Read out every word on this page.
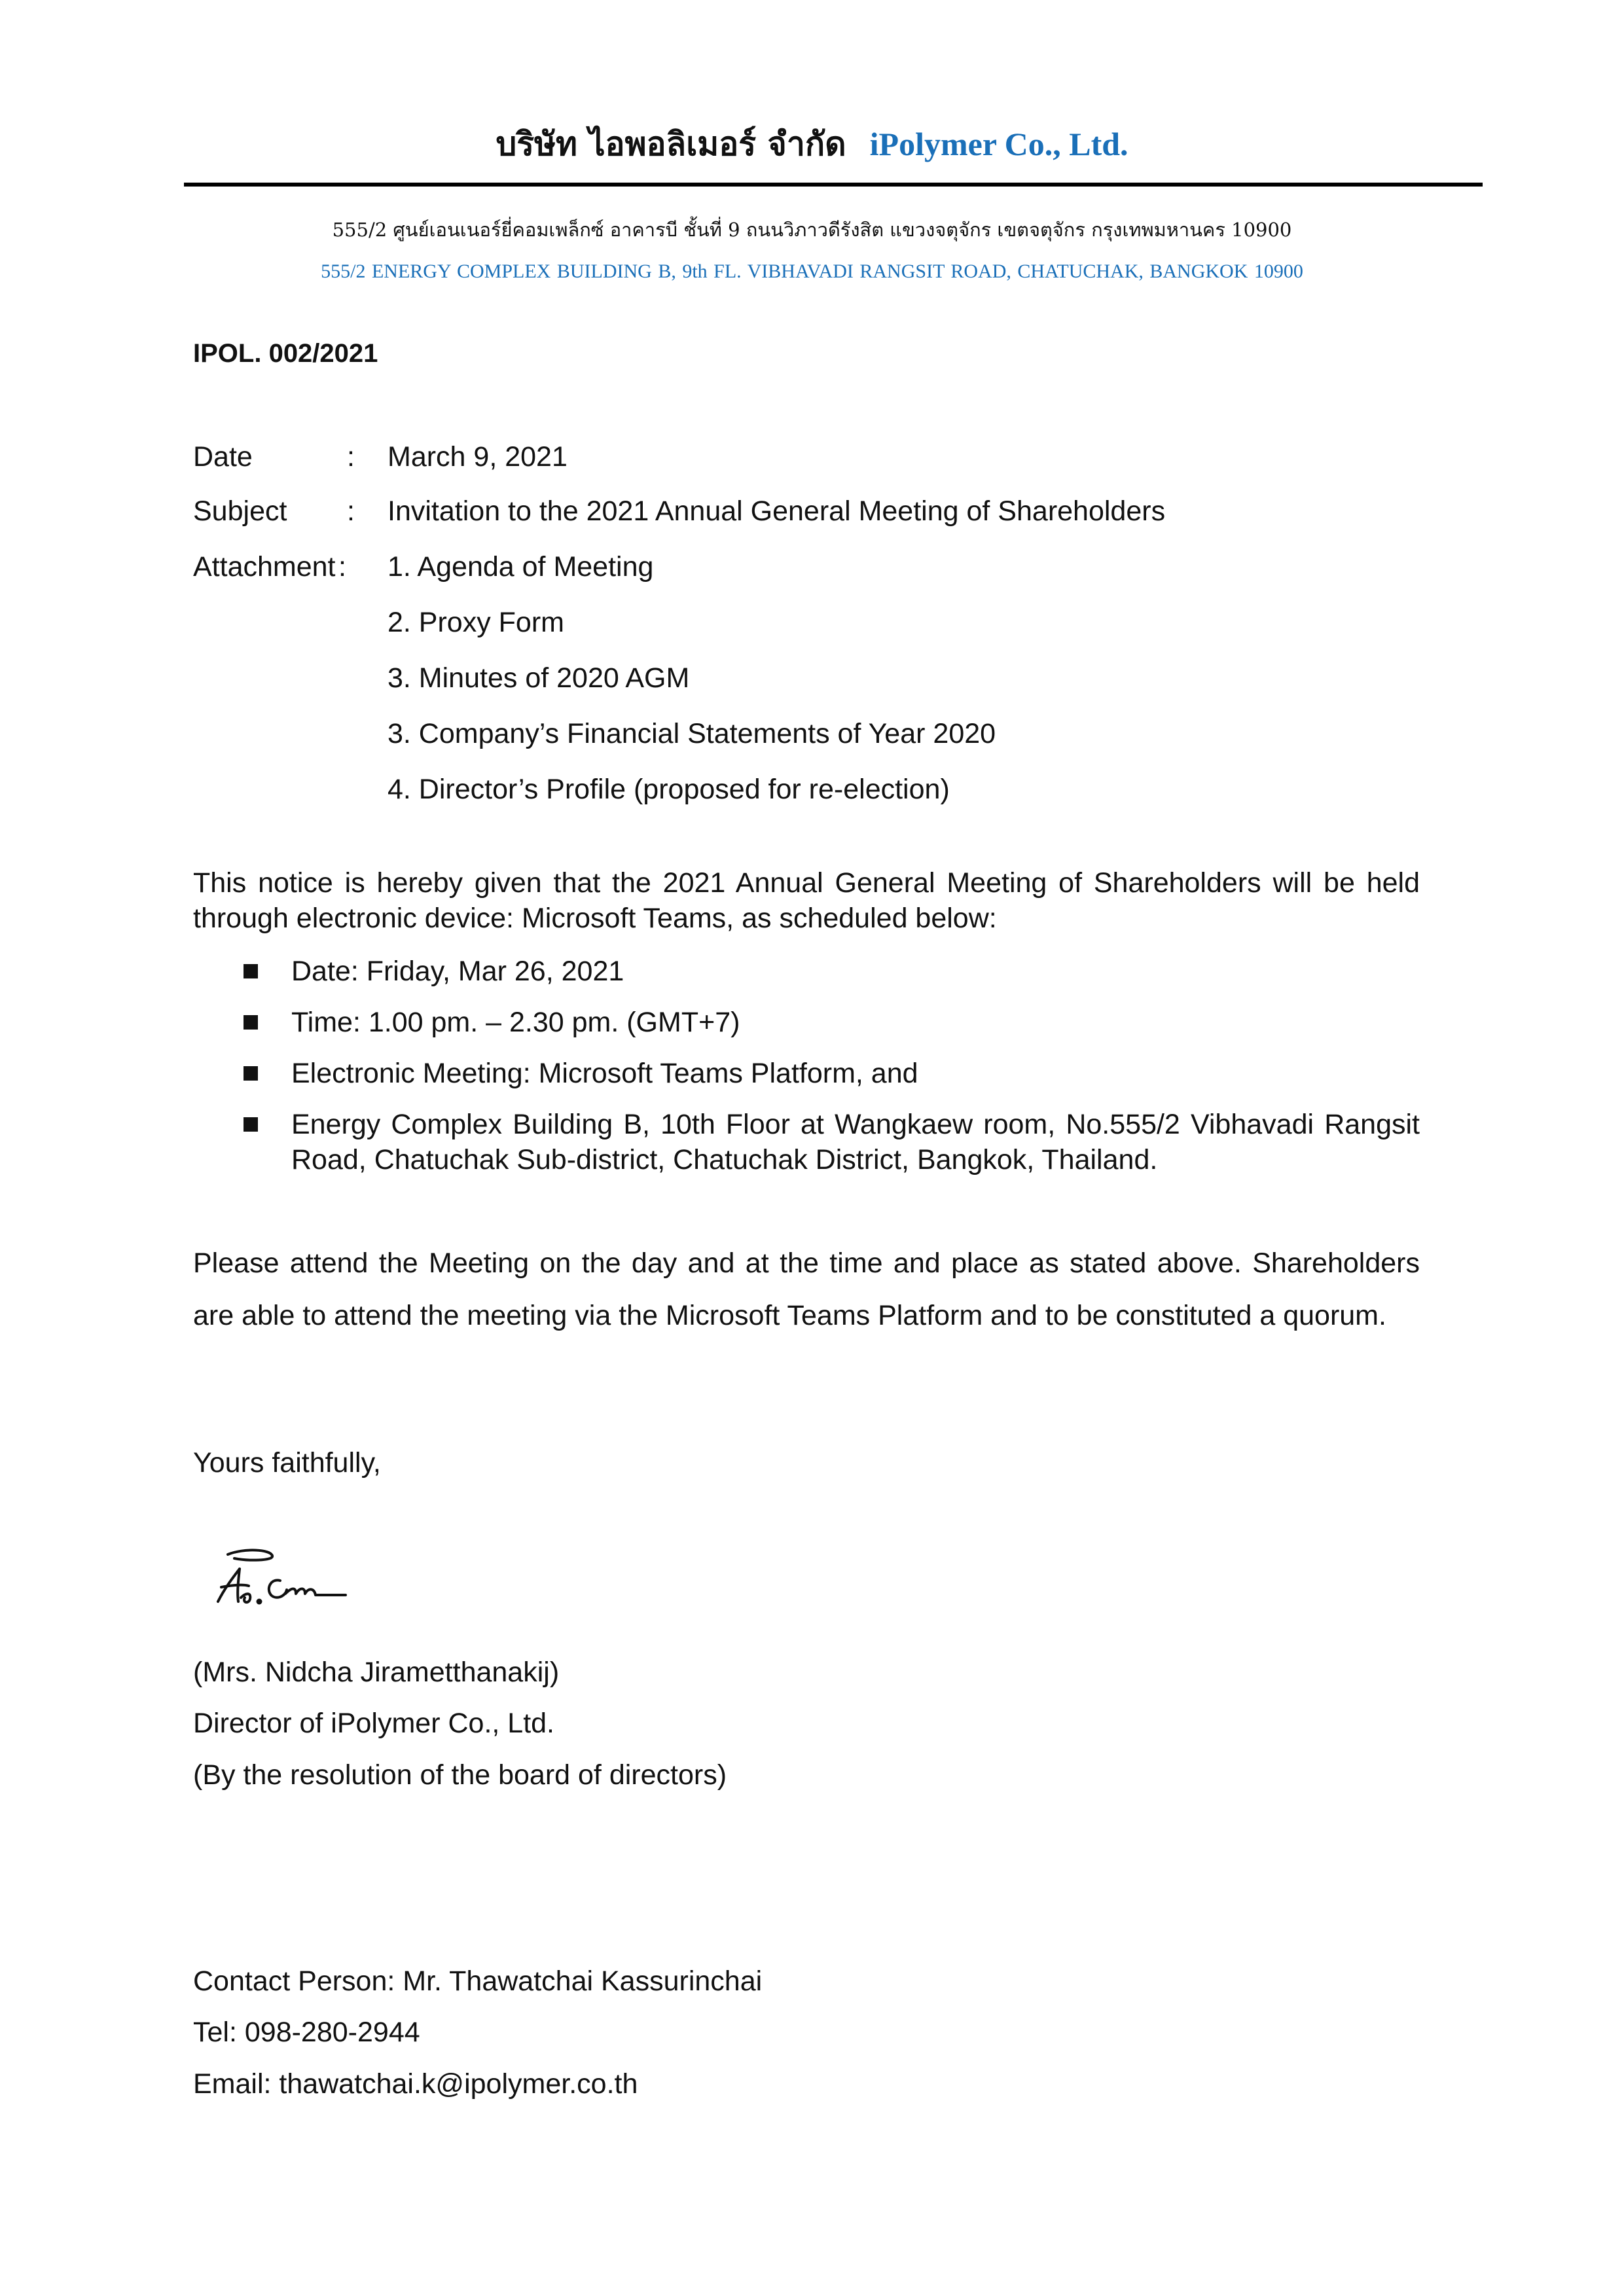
บริษัท ไอพอลิเมอร์ จำกัด iPolymer Co., Ltd.
555/2 ศูนย์เอนเนอร์ยี่คอมเพล็กซ์ อาคารบี ชั้นที่ 9 ถนนวิภาวดีรังสิต แขวงจตุจักร เขตจตุจักร กรุงเทพมหานคร 10900
555/2 ENERGY COMPLEX BUILDING B, 9th FL. VIBHAVADI RANGSIT ROAD, CHATUCHAK, BANGKOK 10900
IPOL. 002/2021
Date	: March 9, 2021
Subject : Invitation to the 2021 Annual General Meeting of Shareholders
Attachment : 1. Agenda of Meeting
2. Proxy Form
3. Minutes of 2020 AGM
3. Company’s Financial Statements of Year 2020
4. Director’s Profile (proposed for re-election)
This notice is hereby given that the 2021 Annual General Meeting of Shareholders will be held through electronic device: Microsoft Teams, as scheduled below:
Date: Friday, Mar 26, 2021
Time: 1.00 pm. – 2.30 pm. (GMT+7)
Electronic Meeting: Microsoft Teams Platform, and
Energy Complex Building B, 10th Floor at Wangkaew room, No.555/2 Vibhavadi Rangsit Road, Chatuchak Sub-district, Chatuchak District, Bangkok, Thailand.
Please attend the Meeting on the day and at the time and place as stated above. Shareholders are able to attend the meeting via the Microsoft Teams Platform and to be constituted a quorum.
Yours faithfully,
(Mrs. Nidcha Jirametthanakij)
Director of iPolymer Co., Ltd.
(By the resolution of the board of directors)
Contact Person: Mr. Thawatchai Kassurinchai
Tel: 098-280-2944
Email: thawatchai.k@ipolymer.co.th
